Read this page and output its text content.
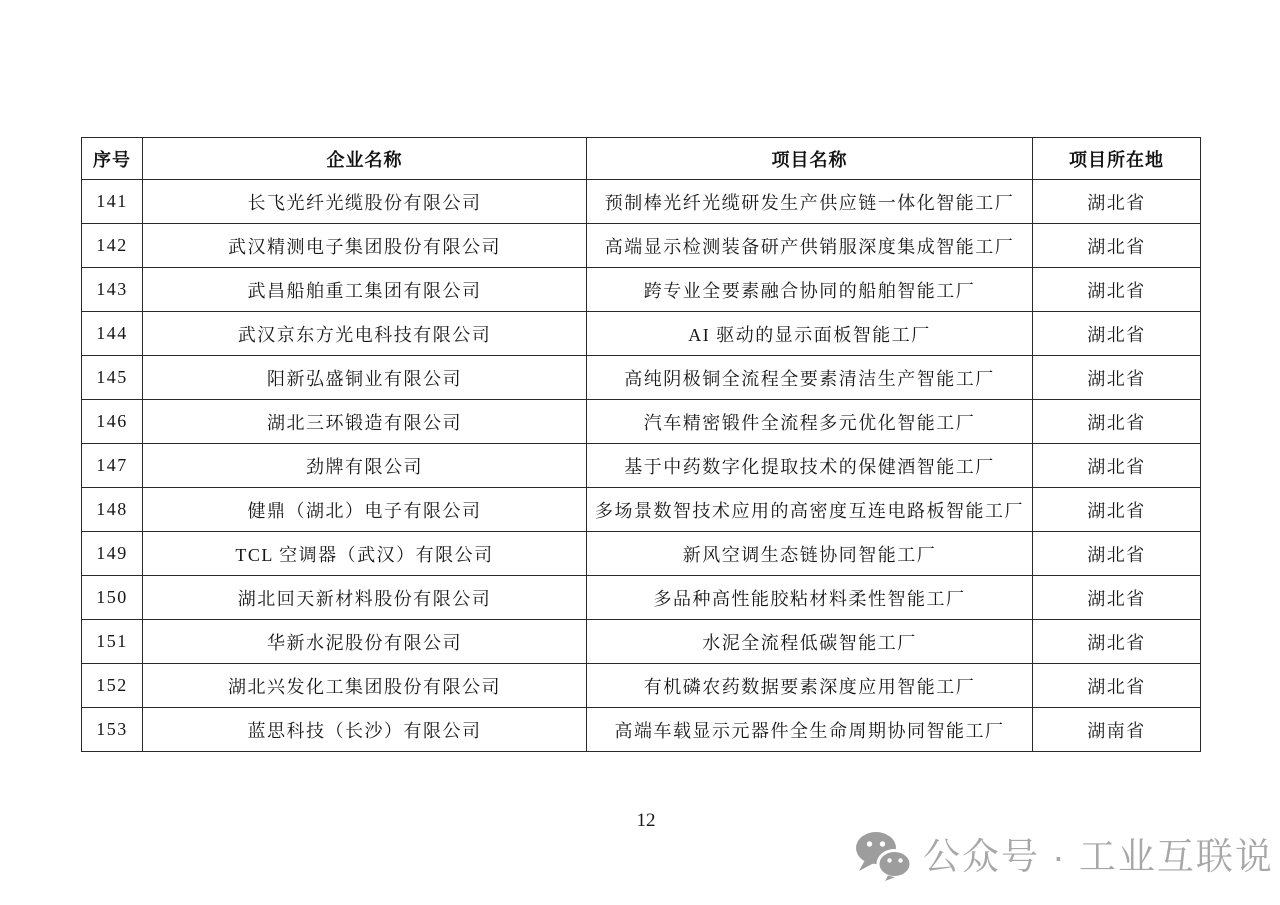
序号	企业名称	项目名称	项目所在地
141	长飞光纤光缆股份有限公司	预制棒光纤光缆研发生产供应链一体化智能工厂	湖北省
142	武汉精测电子集团股份有限公司	高端显示检测装备研产供销服深度集成智能工厂	湖北省
143	武昌船舶重工集团有限公司	跨专业全要素融合协同的船舶智能工厂	湖北省
144	武汉京东方光电科技有限公司	AI 驱动的显示面板智能工厂	湖北省
145	阳新弘盛铜业有限公司	高纯阴极铜全流程全要素清洁生产智能工厂	湖北省
146	湖北三环锻造有限公司	汽车精密锻件全流程多元优化智能工厂	湖北省
147	劲牌有限公司	基于中药数字化提取技术的保健酒智能工厂	湖北省
148	健鼎（湖北）电子有限公司	多场景数智技术应用的高密度互连电路板智能工厂	湖北省
149	TCL 空调器（武汉）有限公司	新风空调生态链协同智能工厂	湖北省
150	湖北回天新材料股份有限公司	多品种高性能胶粘材料柔性智能工厂	湖北省
151	华新水泥股份有限公司	水泥全流程低碳智能工厂	湖北省
152	湖北兴发化工集团股份有限公司	有机磷农药数据要素深度应用智能工厂	湖北省
153	蓝思科技（长沙）有限公司	高端车载显示元器件全生命周期协同智能工厂	湖南省
12
公众号 · 工业互联说
